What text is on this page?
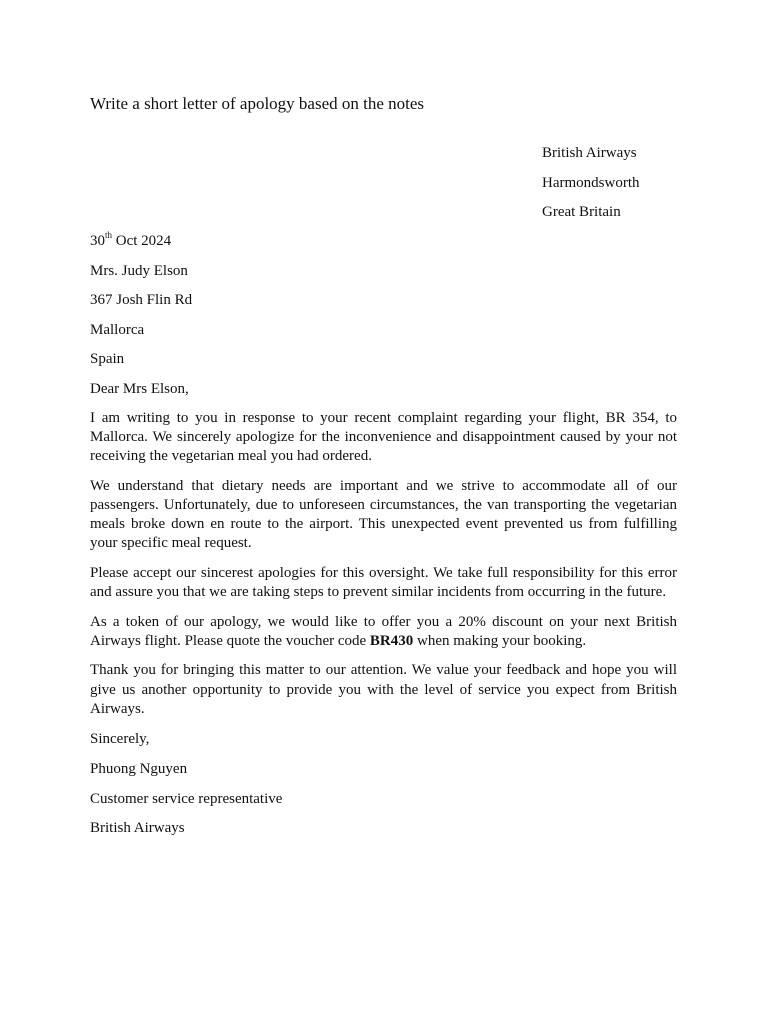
Write a short letter of apology based on the notes
British Airways
Harmondsworth
Great Britain
30th Oct 2024
Mrs. Judy Elson
367 Josh Flin Rd
Mallorca
Spain
Dear Mrs Elson,

I am writing to you in response to your recent complaint regarding your flight, BR 354, to Mallorca. We sincerely apologize for the inconvenience and disappointment caused by your not receiving the vegetarian meal you had ordered.

We understand that dietary needs are important and we strive to accommodate all of our passengers. Unfortunately, due to unforeseen circumstances, the van transporting the vegetarian meals broke down en route to the airport. This unexpected event prevented us from fulfilling your specific meal request.

Please accept our sincerest apologies for this oversight. We take full responsibility for this error and assure you that we are taking steps to prevent similar incidents from occurring in the future.

As a token of our apology, we would like to offer you a 20% discount on your next British Airways flight. Please quote the voucher code BR430 when making your booking.

Thank you for bringing this matter to our attention. We value your feedback and hope you will give us another opportunity to provide you with the level of service you expect from British Airways.

Sincerely,
Phuong Nguyen
Customer service representative
British Airways
